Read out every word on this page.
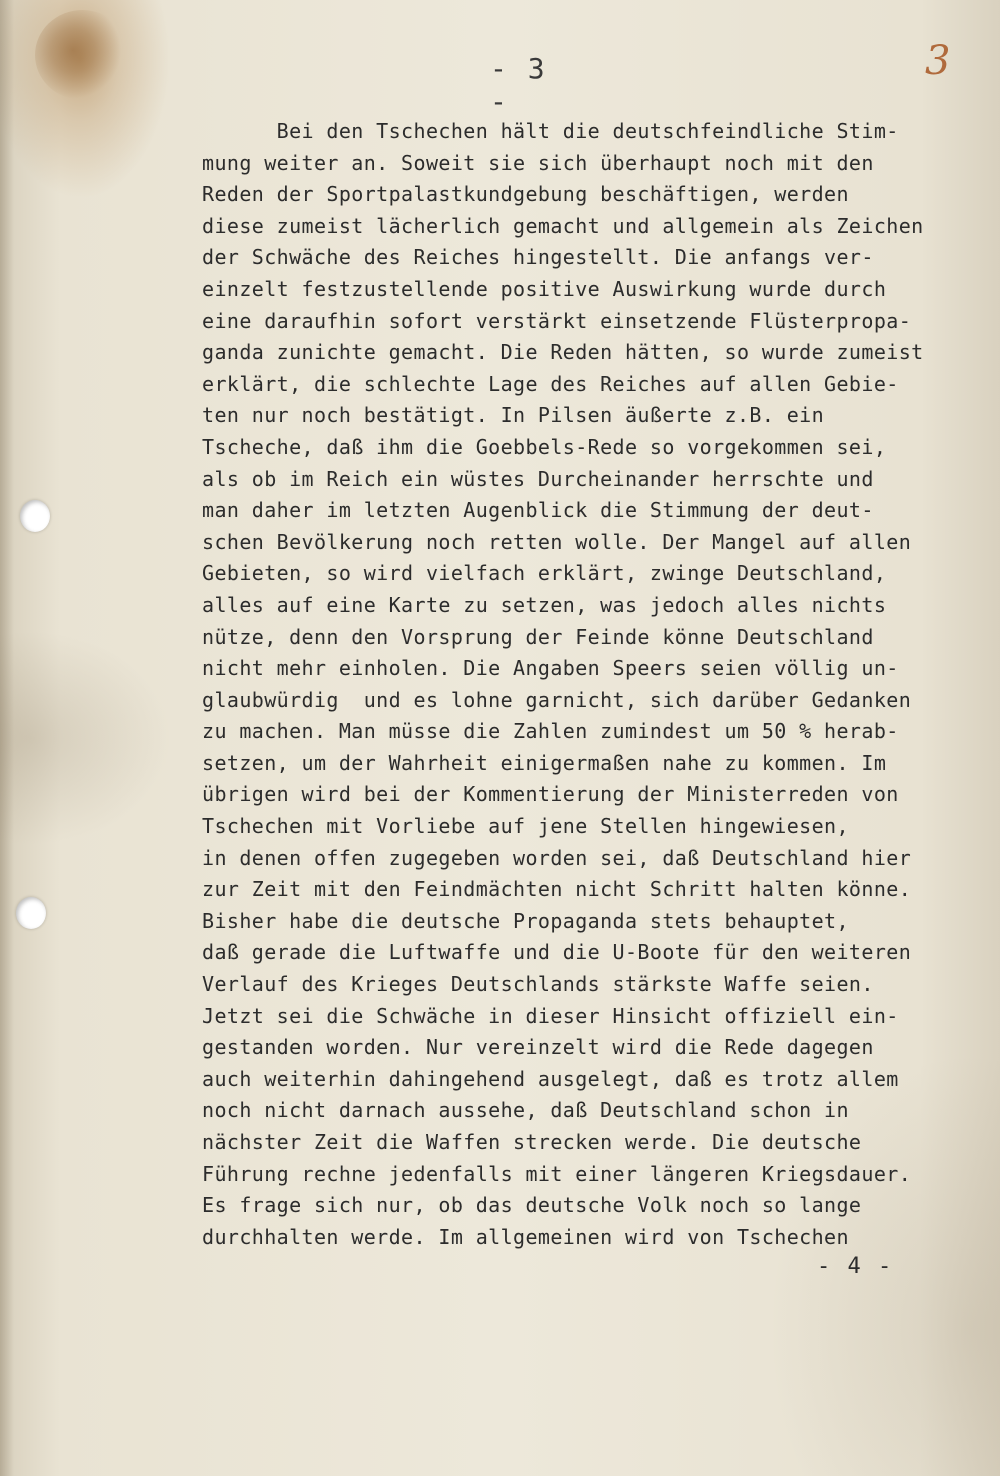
- 3 -
3
Bei den Tschechen hält die deutschfeindliche Stim-
mung weiter an. Soweit sie sich überhaupt noch mit den
Reden der Sportpalastkundgebung beschäftigen, werden
diese zumeist lächerlich gemacht und allgemein als Zeichen
der Schwäche des Reiches hingestellt. Die anfangs ver-
einzelt festzustellende positive Auswirkung wurde durch
eine daraufhin sofort verstärkt einsetzende Flüsterpropa-
ganda zunichte gemacht. Die Reden hätten, so wurde zumeist
erklärt, die schlechte Lage des Reiches auf allen Gebie-
ten nur noch bestätigt. In Pilsen äußerte z.B. ein
Tscheche, daß ihm die Goebbels-Rede so vorgekommen sei,
als ob im Reich ein wüstes Durcheinander herrschte und
man daher im letzten Augenblick die Stimmung der deut-
schen Bevölkerung noch retten wolle. Der Mangel auf allen
Gebieten, so wird vielfach erklärt, zwinge Deutschland,
alles auf eine Karte zu setzen, was jedoch alles nichts
nütze, denn den Vorsprung der Feinde könne Deutschland
nicht mehr einholen. Die Angaben Speers seien völlig un-
glaubwürdig  und es lohne garnicht, sich darüber Gedanken
zu machen. Man müsse die Zahlen zumindest um 50 % herab-
setzen, um der Wahrheit einigermaßen nahe zu kommen. Im
übrigen wird bei der Kommentierung der Ministerreden von
Tschechen mit Vorliebe auf jene Stellen hingewiesen,
in denen offen zugegeben worden sei, daß Deutschland hier
zur Zeit mit den Feindmächten nicht Schritt halten könne.
Bisher habe die deutsche Propaganda stets behauptet,
daß gerade die Luftwaffe und die U-Boote für den weiteren
Verlauf des Krieges Deutschlands stärkste Waffe seien.
Jetzt sei die Schwäche in dieser Hinsicht offiziell ein-
gestanden worden. Nur vereinzelt wird die Rede dagegen
auch weiterhin dahingehend ausgelegt, daß es trotz allem
noch nicht darnach aussehe, daß Deutschland schon in
nächster Zeit die Waffen strecken werde. Die deutsche
Führung rechne jedenfalls mit einer längeren Kriegsdauer.
Es frage sich nur, ob das deutsche Volk noch so lange
durchhalten werde. Im allgemeinen wird von Tschechen
- 4 -
